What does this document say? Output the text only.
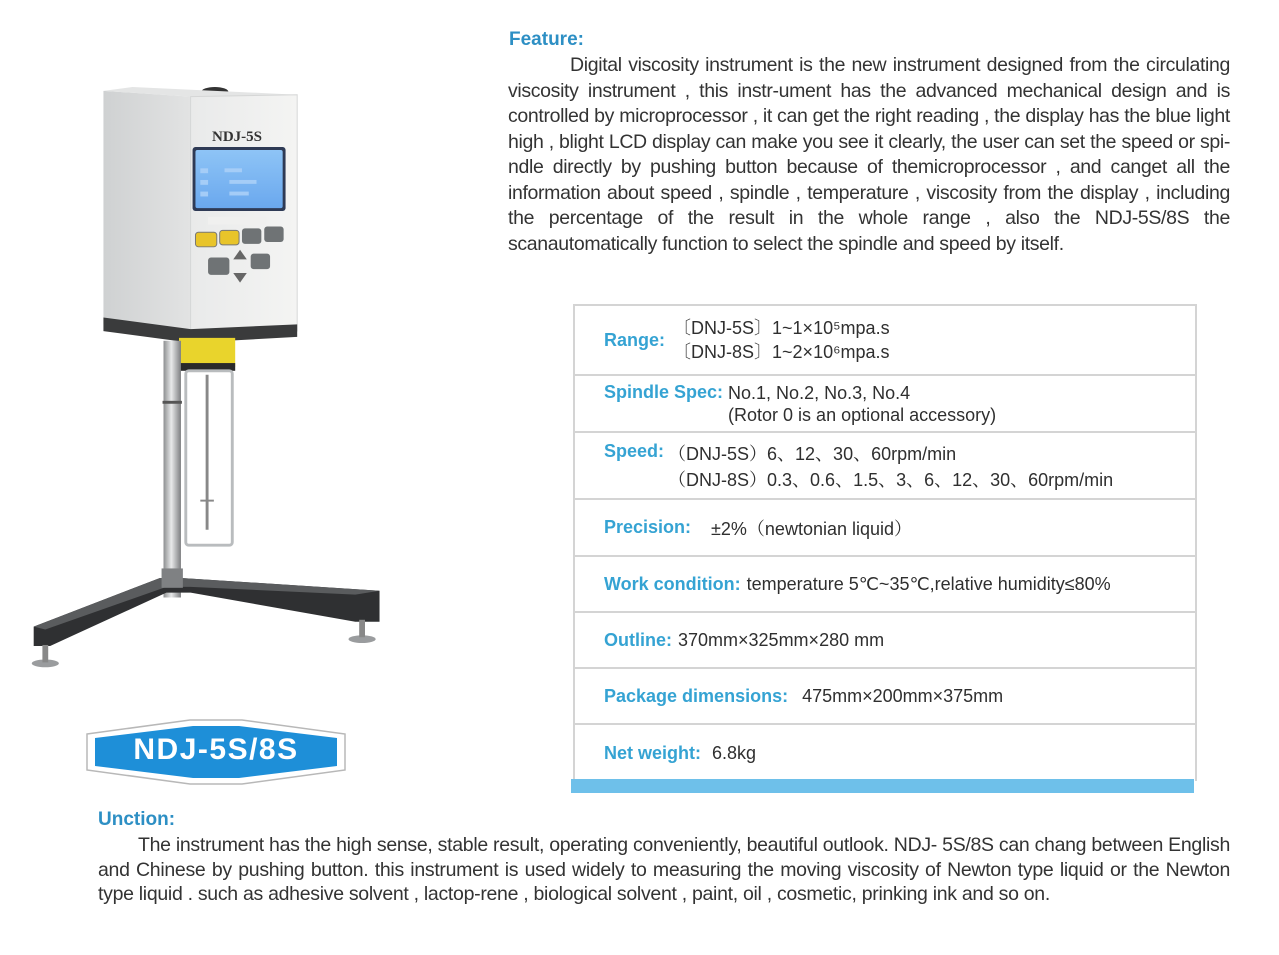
NDJ-5S
NDJ-5S/8S
Feature:
Digital viscosity instrument is the new instrument designed from the circulating viscosity instrument , this instr-ument has the advanced mechanical design and is controlled by microprocessor , it can get the right reading , the display has the blue light high , blight LCD display can make you see it clearly, the user can set the speed or spi-ndle directly by pushing button because of themicroprocessor , and canget all the information about speed , spindle , temperature , viscosity from the display , including the percentage of the result in the whole range , also the NDJ-5S/8S the scanautomatically function to select the spindle and speed by itself.
Range:
〔DNJ-5S〕1~1×10⁵mpa.s
〔DNJ-8S〕1~2×10⁶mpa.s
Spindle Spec: No.1, No.2, No.3, No.4
(Rotor 0 is an optional accessory)
Speed: （DNJ-5S）6、12、30、60rpm/min
（DNJ-8S）0.3、0.6、1.5、3、6、12、30、60rpm/min
Precision: ±2%（newtonian liquid）
Work condition: temperature 5℃~35℃,relative humidity≤80%
Outline: 370mm×325mm×280 mm
Package dimensions: 475mm×200mm×375mm
Net weight: 6.8kg
Unction:
The instrument has the high sense, stable result, operating conveniently, beautiful outlook. NDJ- 5S/8S can chang between English and Chinese by pushing button. this instrument is used widely to measuring the moving viscosity of Newton type liquid or the Newton type liquid . such as adhesive solvent , lactop-rene , biological solvent , paint, oil , cosmetic, prinking ink and so on.
